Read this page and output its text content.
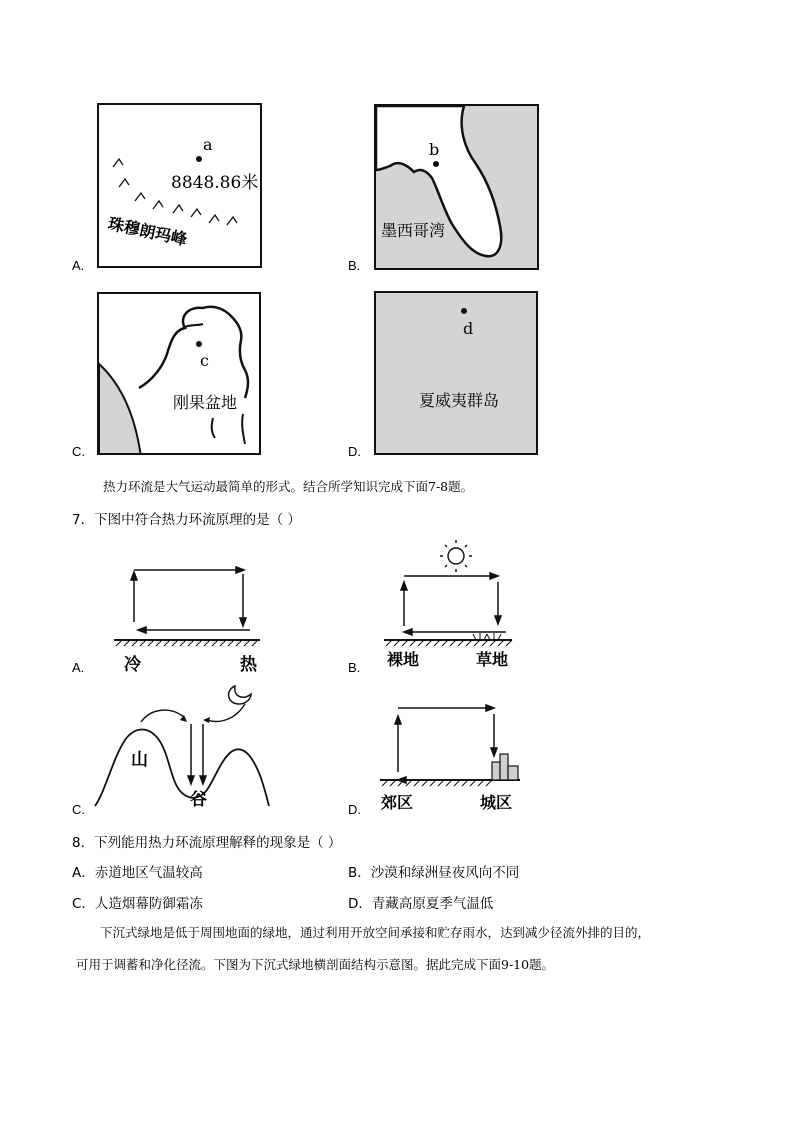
a
8848.86米
珠穆朗玛峰
A.
b
墨西哥湾
B.
c
刚果盆地
C.
d
夏威夷群岛
D.
热力环流是大气运动最简单的形式。结合所学知识完成下面7-8题。
7．下图中符合热力环流原理的是（ ）
冷	热
A.	裸地	草地
B.
山
谷
C.	郊区	城区
D.
8．下列能用热力环流原理解释的现象是（ ）
A．赤道地区气温较高	B．沙漠和绿洲昼夜风向不同
C．人造烟幕防御霜冻	D．青藏高原夏季气温低
下沉式绿地是低于周围地面的绿地，通过利用开放空间承接和贮存雨水，达到减少径流外排的目的，
可用于调蓄和净化径流。下图为下沉式绿地横剖面结构示意图。据此完成下面9-10题。
